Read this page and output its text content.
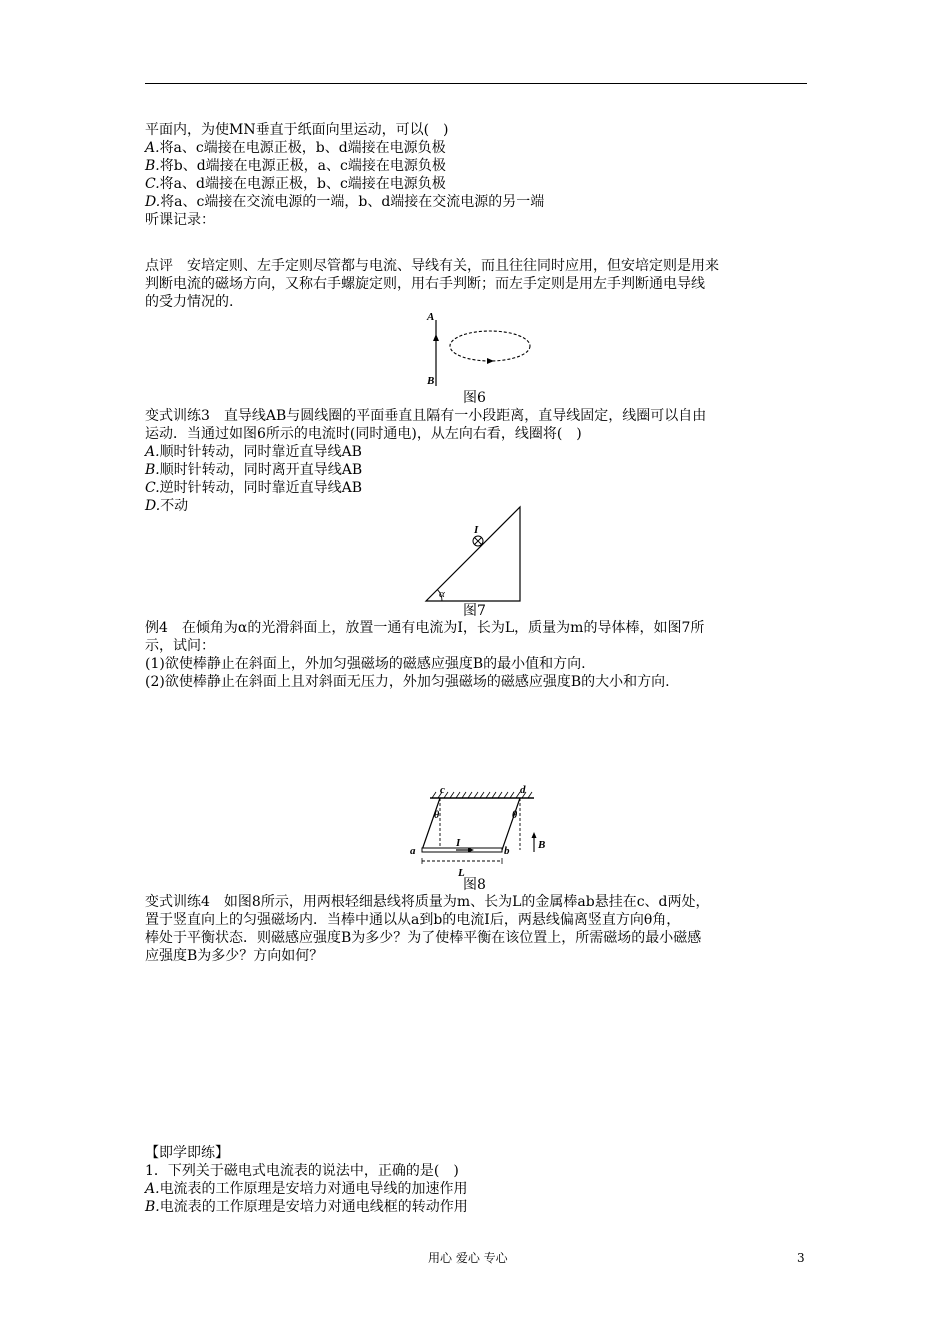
平面内，为使MN垂直于纸面向里运动，可以(　)
A.将a、c端接在电源正极，b、d端接在电源负极
B.将b、d端接在电源正极，a、c端接在电源负极
C.将a、d端接在电源正极，b、c端接在电源负极
D.将a、c端接在交流电源的一端，b、d端接在交流电源的另一端
听课记录：
点评　安培定则、左手定则尽管都与电流、导线有关，而且往往同时应用，但安培定则是用来
判断电流的磁场方向，又称右手螺旋定则，用右手判断；而左手定则是用左手判断通电导线
的受力情况的.
A
B
图6
变式训练3　直导线AB与圆线圈的平面垂直且隔有一小段距离，直导线固定，线圈可以自由
运动．当通过如图6所示的电流时(同时通电)，从左向右看，线圈将(　)
A.顺时针转动，同时靠近直导线AB
B.顺时针转动，同时离开直导线AB
C.逆时针转动，同时靠近直导线AB
D.不动
α
I
图7
例4　在倾角为α的光滑斜面上，放置一通有电流为I，长为L，质量为m的导体棒，如图7所
示，试问：
(1)欲使棒静止在斜面上，外加匀强磁场的磁感应强度B的最小值和方向.
(2)欲使棒静止在斜面上且对斜面无压力，外加匀强磁场的磁感应强度B的大小和方向.
c	d
θ	θ
I
a	b	B
L
图8
变式训练4　如图8所示，用两根轻细悬线将质量为m、长为L的金属棒ab悬挂在c、d两处，
置于竖直向上的匀强磁场内．当棒中通以从a到b的电流I后，两悬线偏离竖直方向θ角，
棒处于平衡状态．则磁感应强度B为多少？为了使棒平衡在该位置上，所需磁场的最小磁感
应强度B为多少？方向如何？
【即学即练】
1．下列关于磁电式电流表的说法中，正确的是(　)
A.电流表的工作原理是安培力对通电导线的加速作用
B.电流表的工作原理是安培力对通电线框的转动作用
用心 爱心 专心	3
